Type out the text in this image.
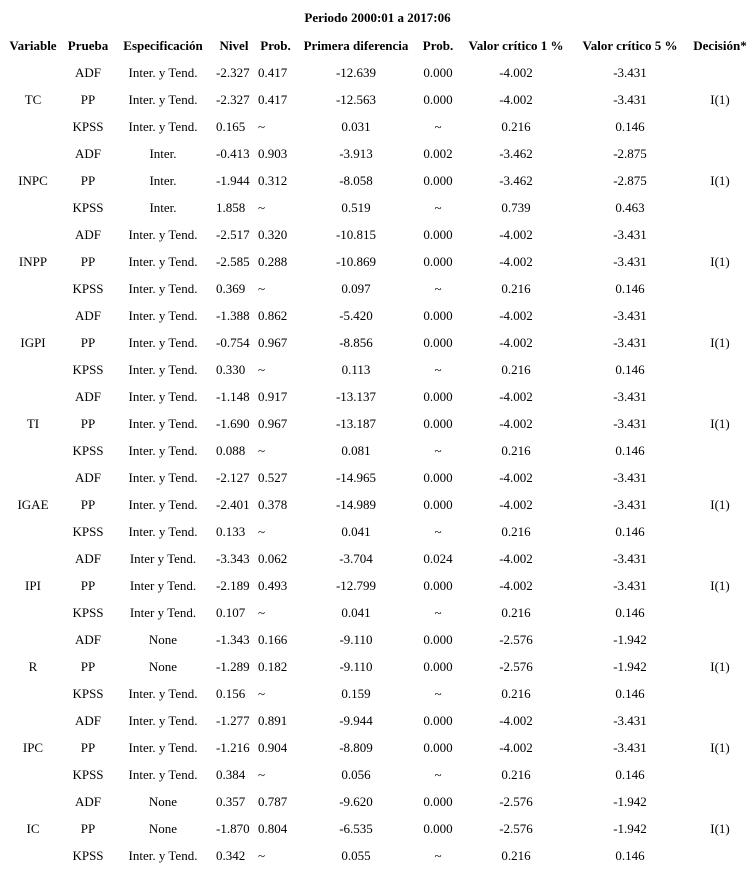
Periodo 2000:01 a 2017:06
Variable	Prueba	Especificación	Nivel	Prob.	Primera diferencia	Prob.	Valor crítico 1 %	Valor crítico 5 %	Decisión*
TC	ADF	Inter. y Tend.	-2.327	0.417	-12.639	0.000	-4.002	-3.431	I(1)
	PP	Inter. y Tend.	-2.327	0.417	-12.563	0.000	-4.002	-3.431	
	KPSS	Inter. y Tend.	0.165	~	0.031	~	0.216	0.146	
INPC	ADF	Inter.	-0.413	0.903	-3.913	0.002	-3.462	-2.875	I(1)
	PP	Inter.	-1.944	0.312	-8.058	0.000	-3.462	-2.875	
	KPSS	Inter.	1.858	~	0.519	~	0.739	0.463	
INPP	ADF	Inter. y Tend.	-2.517	0.320	-10.815	0.000	-4.002	-3.431	I(1)
	PP	Inter. y Tend.	-2.585	0.288	-10.869	0.000	-4.002	-3.431	
	KPSS	Inter. y Tend.	0.369	~	0.097	~	0.216	0.146	
IGPI	ADF	Inter. y Tend.	-1.388	0.862	-5.420	0.000	-4.002	-3.431	I(1)
	PP	Inter. y Tend.	-0.754	0.967	-8.856	0.000	-4.002	-3.431	
	KPSS	Inter. y Tend.	0.330	~	0.113	~	0.216	0.146	
TI	ADF	Inter. y Tend.	-1.148	0.917	-13.137	0.000	-4.002	-3.431	I(1)
	PP	Inter. y Tend.	-1.690	0.967	-13.187	0.000	-4.002	-3.431	
	KPSS	Inter. y Tend.	0.088	~	0.081	~	0.216	0.146	
IGAE	ADF	Inter. y Tend.	-2.127	0.527	-14.965	0.000	-4.002	-3.431	I(1)
	PP	Inter. y Tend.	-2.401	0.378	-14.989	0.000	-4.002	-3.431	
	KPSS	Inter. y Tend.	0.133	~	0.041	~	0.216	0.146	
IPI	ADF	Inter y Tend.	-3.343	0.062	-3.704	0.024	-4.002	-3.431	I(1)
	PP	Inter y Tend.	-2.189	0.493	-12.799	0.000	-4.002	-3.431	
	KPSS	Inter y Tend.	0.107	~	0.041	~	0.216	0.146	
R	ADF	None	-1.343	0.166	-9.110	0.000	-2.576	-1.942	I(1)
	PP	None	-1.289	0.182	-9.110	0.000	-2.576	-1.942	
	KPSS	Inter. y Tend.	0.156	~	0.159	~	0.216	0.146	
IPC	ADF	Inter. y Tend.	-1.277	0.891	-9.944	0.000	-4.002	-3.431	I(1)
	PP	Inter. y Tend.	-1.216	0.904	-8.809	0.000	-4.002	-3.431	
	KPSS	Inter. y Tend.	0.384	~	0.056	~	0.216	0.146	
IC	ADF	None	0.357	0.787	-9.620	0.000	-2.576	-1.942	I(1)
	PP	None	-1.870	0.804	-6.535	0.000	-2.576	-1.942	
	KPSS	Inter. y Tend.	0.342	~	0.055	~	0.216	0.146	
